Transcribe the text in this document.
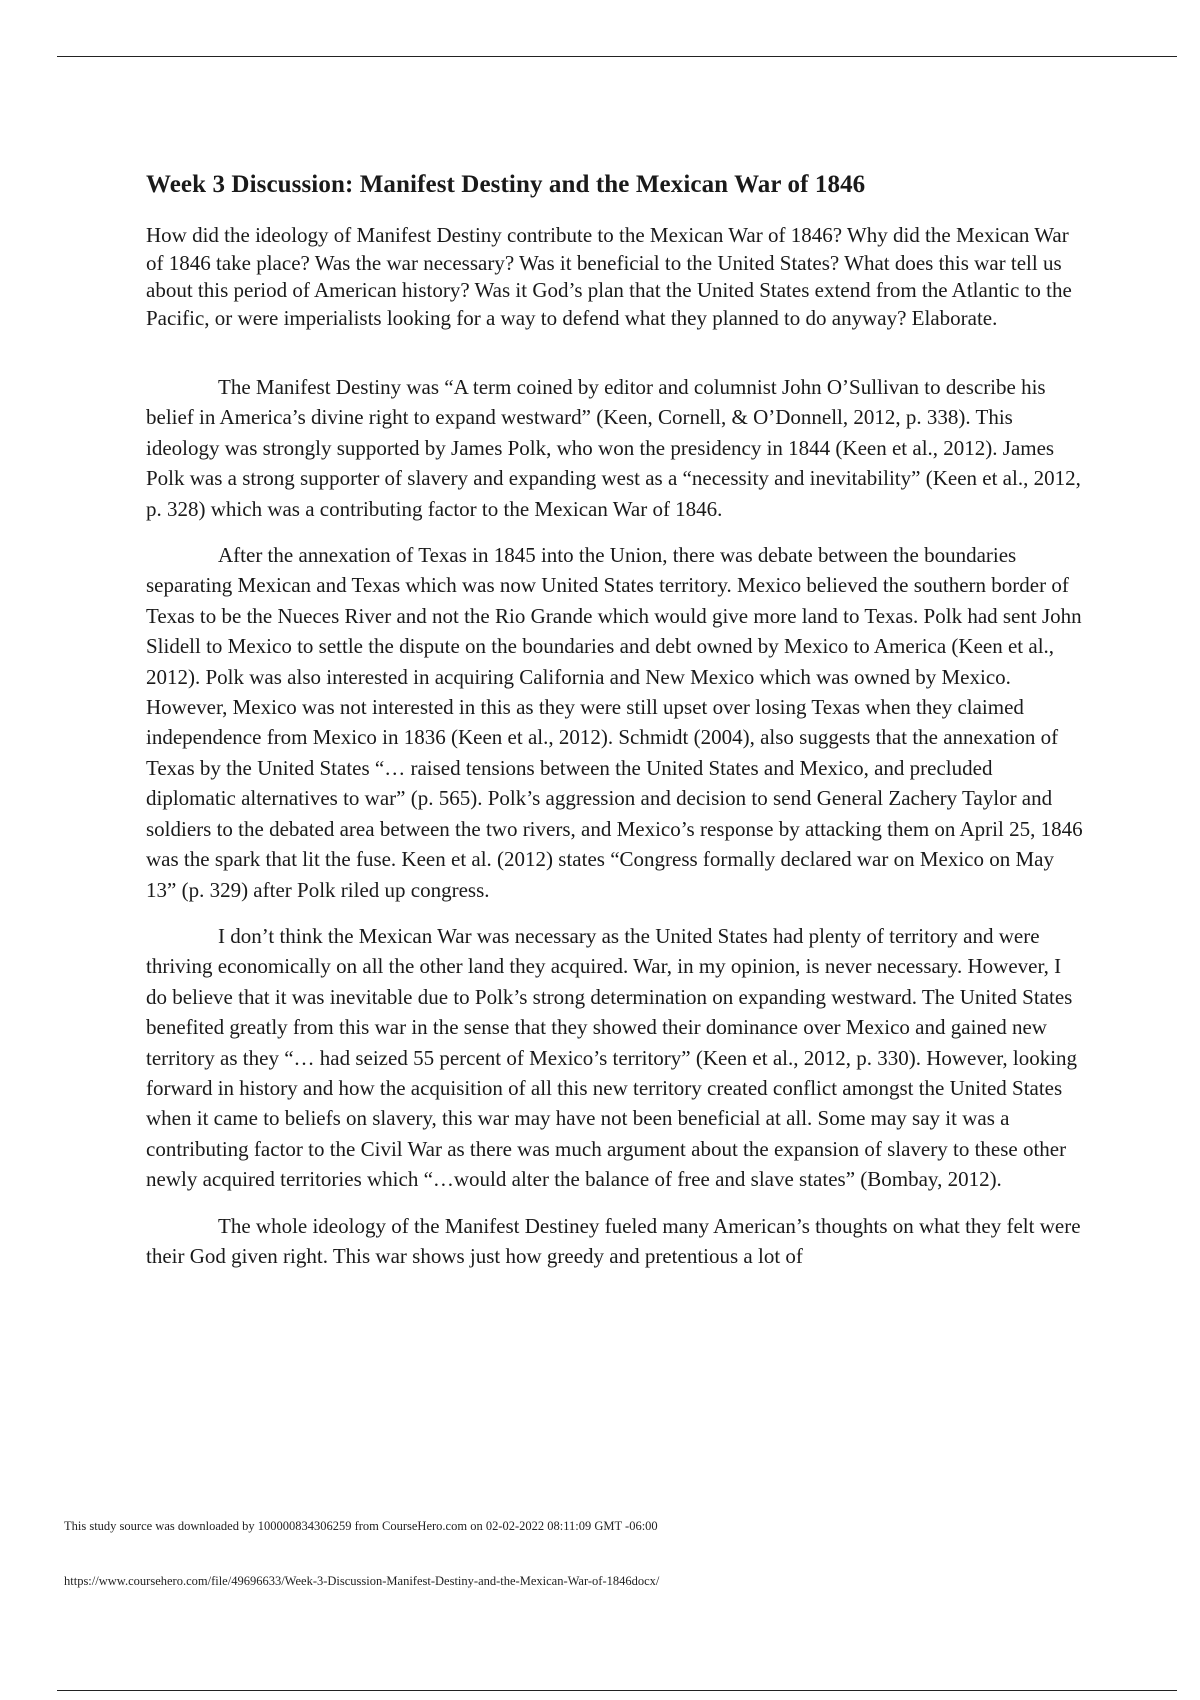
Week 3 Discussion: Manifest Destiny and the Mexican War of 1846

How did the ideology of Manifest Destiny contribute to the Mexican War of 1846? Why did the Mexican War of 1846 take place? Was the war necessary? Was it beneficial to the United States? What does this war tell us about this period of American history? Was it God’s plan that the United States extend from the Atlantic to the Pacific, or were imperialists looking for a way to defend what they planned to do anyway? Elaborate.

The Manifest Destiny was “A term coined by editor and columnist John O’Sullivan to describe his belief in America’s divine right to expand westward” (Keen, Cornell, & O’Donnell, 2012, p. 338). This ideology was strongly supported by James Polk, who won the presidency in 1844 (Keen et al., 2012). James Polk was a strong supporter of slavery and expanding west as a “necessity and inevitability” (Keen et al., 2012, p. 328) which was a contributing factor to the Mexican War of 1846.

After the annexation of Texas in 1845 into the Union, there was debate between the boundaries separating Mexican and Texas which was now United States territory. Mexico believed the southern border of Texas to be the Nueces River and not the Rio Grande which would give more land to Texas. Polk had sent John Slidell to Mexico to settle the dispute on the boundaries and debt owned by Mexico to America (Keen et al., 2012). Polk was also interested in acquiring California and New Mexico which was owned by Mexico. However, Mexico was not interested in this as they were still upset over losing Texas when they claimed independence from Mexico in 1836 (Keen et al., 2012). Schmidt (2004), also suggests that the annexation of Texas by the United States “… raised tensions between the United States and Mexico, and precluded diplomatic alternatives to war” (p. 565). Polk’s aggression and decision to send General Zachery Taylor and soldiers to the debated area between the two rivers, and Mexico’s response by attacking them on April 25, 1846 was the spark that lit the fuse. Keen et al. (2012) states “Congress formally declared war on Mexico on May 13” (p. 329) after Polk riled up congress.

I don’t think the Mexican War was necessary as the United States had plenty of territory and were thriving economically on all the other land they acquired. War, in my opinion, is never necessary. However, I do believe that it was inevitable due to Polk’s strong determination on expanding westward. The United States benefited greatly from this war in the sense that they showed their dominance over Mexico and gained new territory as they “… had seized 55 percent of Mexico’s territory” (Keen et al., 2012, p. 330). However, looking forward in history and how the acquisition of all this new territory created conflict amongst the United States when it came to beliefs on slavery, this war may have not been beneficial at all. Some may say it was a contributing factor to the Civil War as there was much argument about the expansion of slavery to these other newly acquired territories which “…would alter the balance of free and slave states” (Bombay, 2012).

The whole ideology of the Manifest Destiney fueled many American’s thoughts on what they felt were their God given right. This war shows just how greedy and pretentious a lot of

This study source was downloaded by 100000834306259 from CourseHero.com on 02-02-2022 08:11:09 GMT -06:00
https://www.coursehero.com/file/49696633/Week-3-Discussion-Manifest-Destiny-and-the-Mexican-War-of-1846docx/
